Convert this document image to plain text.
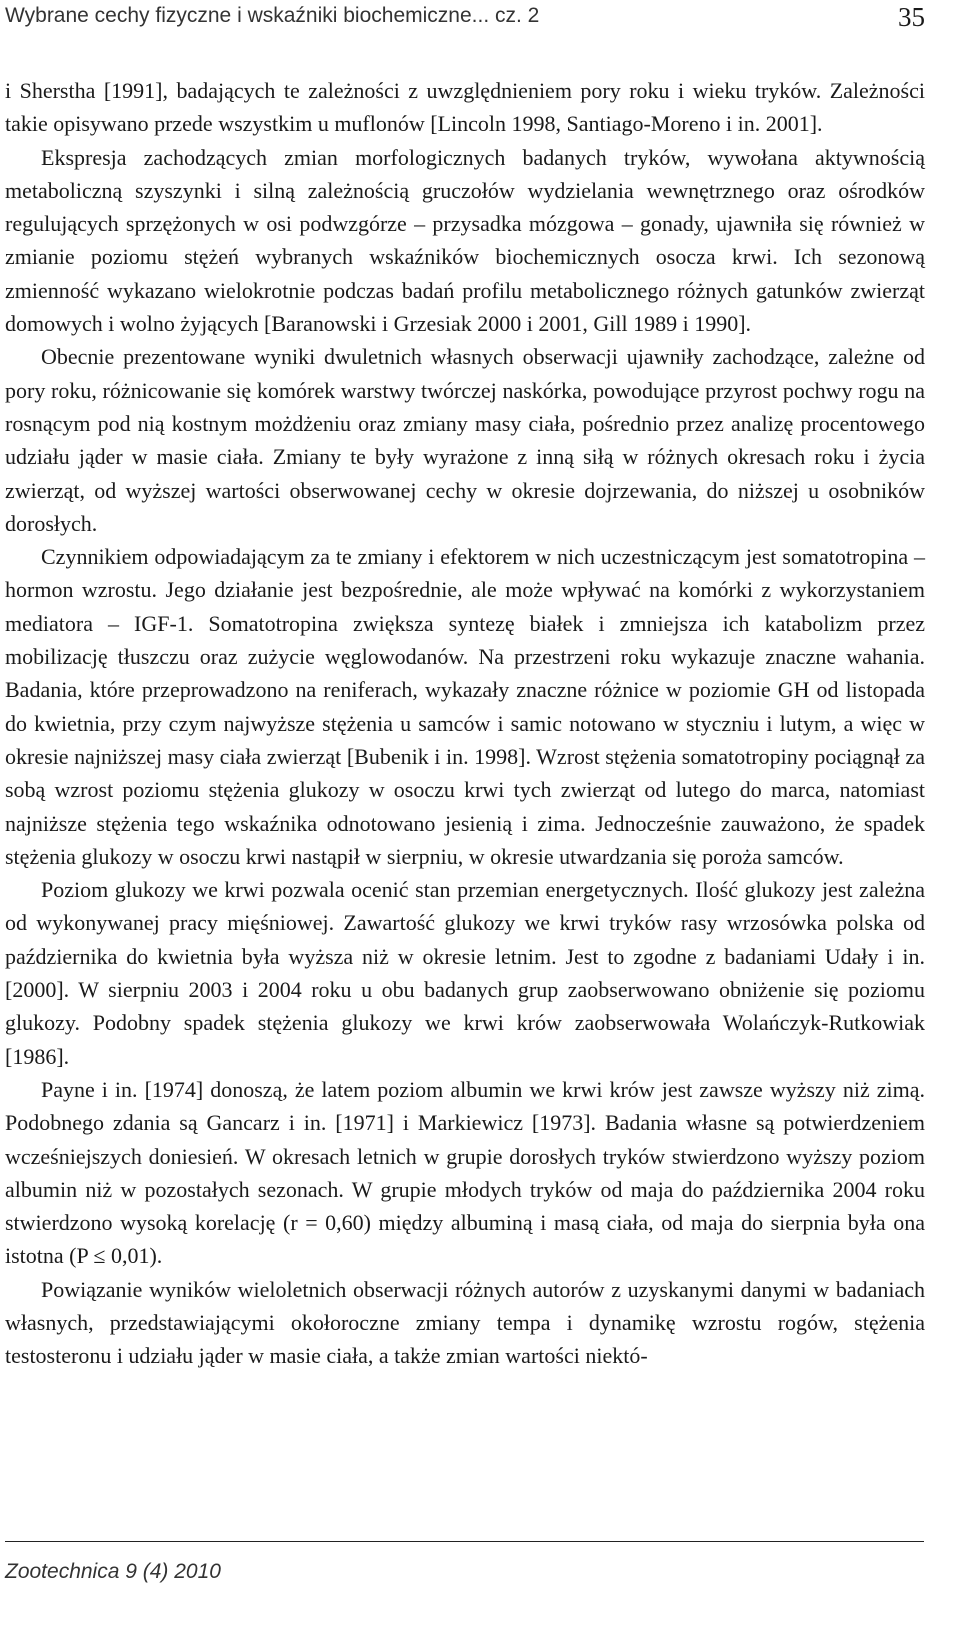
Wybrane cechy fizyczne i wskaźniki biochemiczne... cz. 2	35

i Sherstha [1991], badających te zależności z uwzględnieniem pory roku i wieku tryków. Zależności takie opisywano przede wszystkim u muflonów [Lincoln 1998, Santiago-Moreno i in. 2001].

Ekspresja zachodzących zmian morfologicznych badanych tryków, wywołana aktywnością metaboliczną szyszynki i silną zależnością gruczołów wydzielania wewnętrznego oraz ośrodków regulujących sprzężonych w osi podwzgórze – przysadka mózgowa – gonady, ujawniła się również w zmianie poziomu stężeń wybranych wskaźników biochemicznych osocza krwi. Ich sezonową zmienność wykazano wielokrotnie podczas badań profilu metabolicznego różnych gatunków zwierząt domowych i wolno żyjących [Baranowski i Grzesiak 2000 i 2001, Gill 1989 i 1990].

Obecnie prezentowane wyniki dwuletnich własnych obserwacji ujawniły zachodzące, zależne od pory roku, różnicowanie się komórek warstwy twórczej naskórka, powodujące przyrost pochwy rogu na rosnącym pod nią kostnym możdżeniu oraz zmiany masy ciała, pośrednio przez analizę procentowego udziału jąder w masie ciała. Zmiany te były wyrażone z inną siłą w różnych okresach roku i życia zwierząt, od wyższej wartości obserwowanej cechy w okresie dojrzewania, do niższej u osobników dorosłych.

Czynnikiem odpowiadającym za te zmiany i efektorem w nich uczestniczącym jest somatotropina – hormon wzrostu. Jego działanie jest bezpośrednie, ale może wpływać na komórki z wykorzystaniem mediatora – IGF-1. Somatotropina zwiększa syntezę białek i zmniejsza ich katabolizm przez mobilizację tłuszczu oraz zużycie węglowodanów. Na przestrzeni roku wykazuje znaczne wahania. Badania, które przeprowadzono na reniferach, wykazały znaczne różnice w poziomie GH od listopada do kwietnia, przy czym najwyższe stężenia u samców i samic notowano w styczniu i lutym, a więc w okresie najniższej masy ciała zwierząt [Bubenik i in. 1998]. Wzrost stężenia somatotropiny pociągnął za sobą wzrost poziomu stężenia glukozy w osoczu krwi tych zwierząt od lutego do marca, natomiast najniższe stężenia tego wskaźnika odnotowano jesienią i zima. Jednocześnie zauważono, że spadek stężenia glukozy w osoczu krwi nastąpił w sierpniu, w okresie utwardzania się poroża samców.

Poziom glukozy we krwi pozwala ocenić stan przemian energetycznych. Ilość glukozy jest zależna od wykonywanej pracy mięśniowej. Zawartość glukozy we krwi tryków rasy wrzosówka polska od października do kwietnia była wyższa niż w okresie letnim. Jest to zgodne z badaniami Udały i in. [2000]. W sierpniu 2003 i 2004 roku u obu badanych grup zaobserwowano obniżenie się poziomu glukozy. Podobny spadek stężenia glukozy we krwi krów zaobserwowała Wolańczyk-Rutkowiak [1986].

Payne i in. [1974] donoszą, że latem poziom albumin we krwi krów jest zawsze wyższy niż zimą. Podobnego zdania są Gancarz i in. [1971] i Markiewicz [1973]. Badania własne są potwierdzeniem wcześniejszych doniesień. W okresach letnich w grupie dorosłych tryków stwierdzono wyższy poziom albumin niż w pozostałych sezonach. W grupie młodych tryków od maja do października 2004 roku stwierdzono wysoką korelację (r = 0,60) między albuminą i masą ciała, od maja do sierpnia była ona istotna (P ≤ 0,01).

Powiązanie wyników wieloletnich obserwacji różnych autorów z uzyskanymi danymi w badaniach własnych, przedstawiającymi okołoroczne zmiany tempa i dynamikę wzrostu rogów, stężenia testosteronu i udziału jąder w masie ciała, a także zmian wartości niektó-

Zootechnica 9 (4) 2010
